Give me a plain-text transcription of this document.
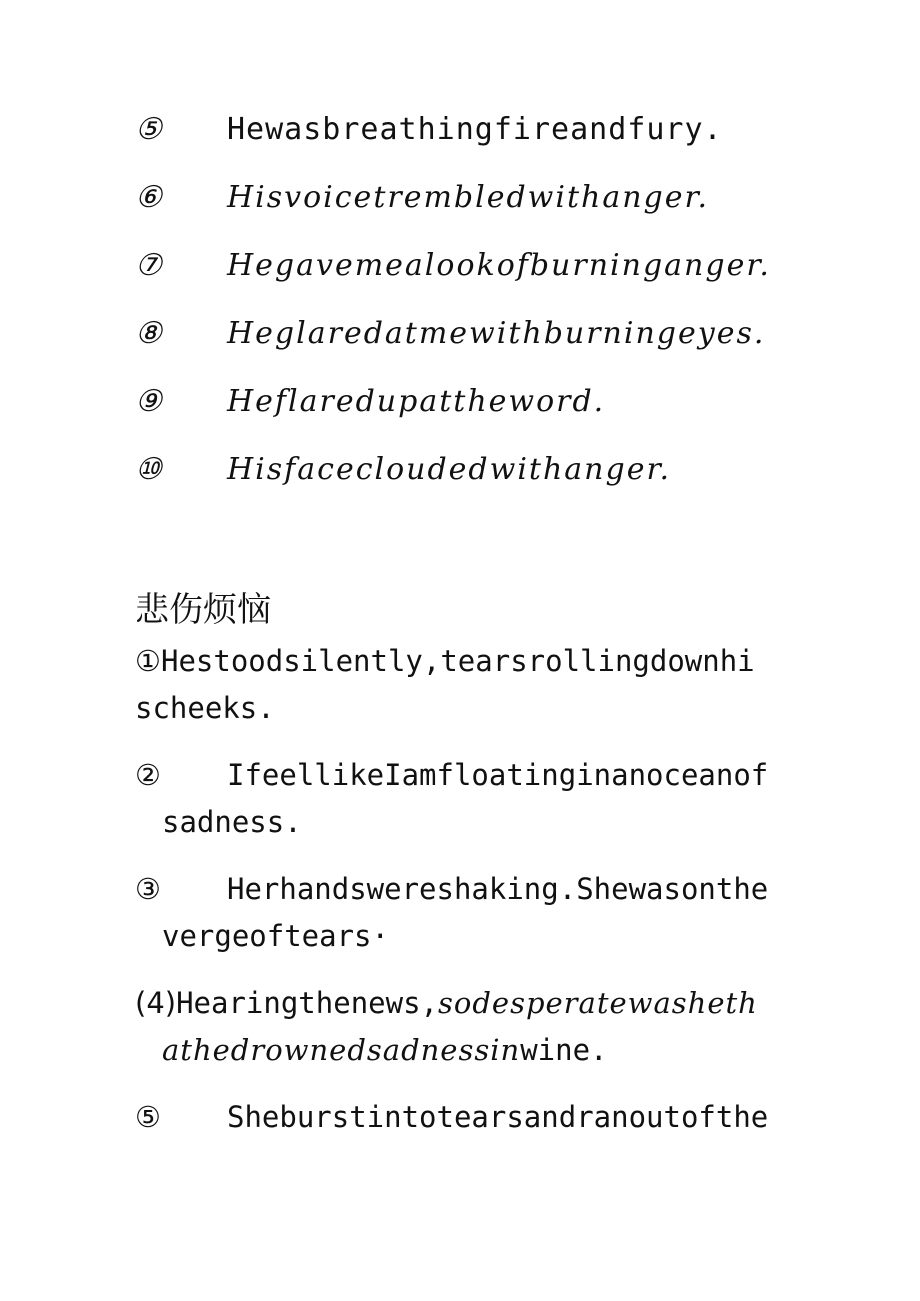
⑤	Hewasbreathingfireandfury.
⑥	Hisvoicetrembledwithanger.
⑦	Hegavemealookofburninganger.
⑧	Heglaredatmewithburningeyes.
⑨	Heflaredupattheword.
⑩	Hisfacecloudedwithanger.
悲伤烦恼
①Hestoodsilently,tearsrollingdownhi
scheeks.
② IfeellikeIamfloatinginanoceanof
sadness.
③ Herhandswereshaking.Shewasonthe
vergeoftears·
(4)Hearingthenews,sodesperatewasheth
athedrownedsadnessinwine.
⑤ Sheburstintotearsandranoutofthe
